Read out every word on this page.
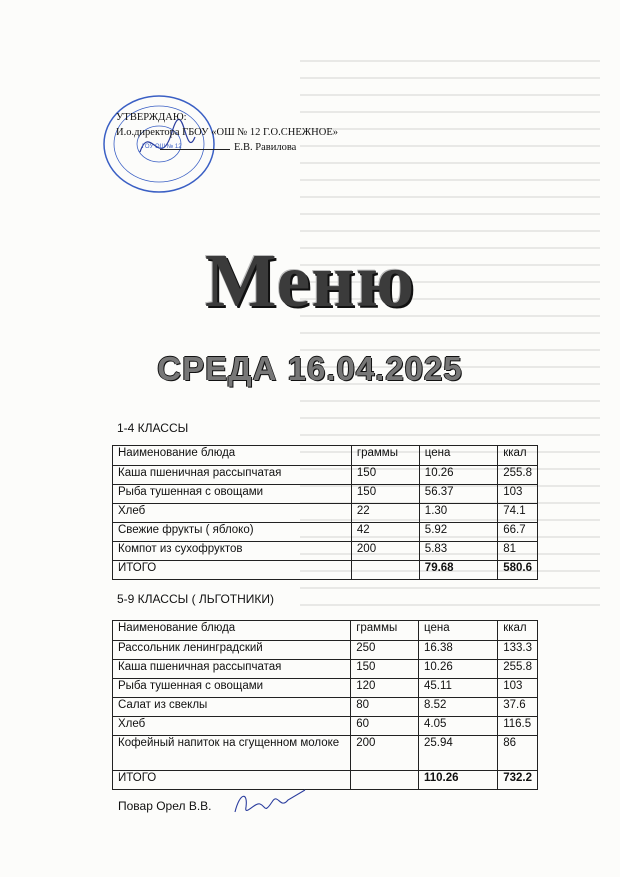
ГОУ ОШ № 12
УТВЕРЖДАЮ:
И.о.директора ГБОУ «ОШ № 12 Г.О.СНЕЖНОЕ»
Е.В. Равилова
Меню
СРЕДА 16.04.2025
1-4 КЛАССЫ
Наименование блюда	граммы	цена	ккал
Каша пшеничная рассыпчатая	150	10.26	255.8
Рыба тушенная с овощами	150	56.37	103
Хлеб	22	1.30	74.1
Свежие фрукты ( яблоко)	42	5.92	66.7
Компот из сухофруктов	200	5.83	81
ИТОГО		79.68	580.6
5-9 КЛАССЫ ( ЛЬГОТНИКИ)
Наименование блюда	граммы	цена	ккал
Рассольник ленинградский	250	16.38	133.3
Каша пшеничная рассыпчатая	150	10.26	255.8
Рыба тушенная с овощами	120	45.11	103
Салат из свеклы	80	8.52	37.6
Хлеб	60	4.05	116.5
Кофейный напиток на сгущенном молоке	200	25.94	86
ИТОГО		110.26	732.2
Повар Орел В.В.
